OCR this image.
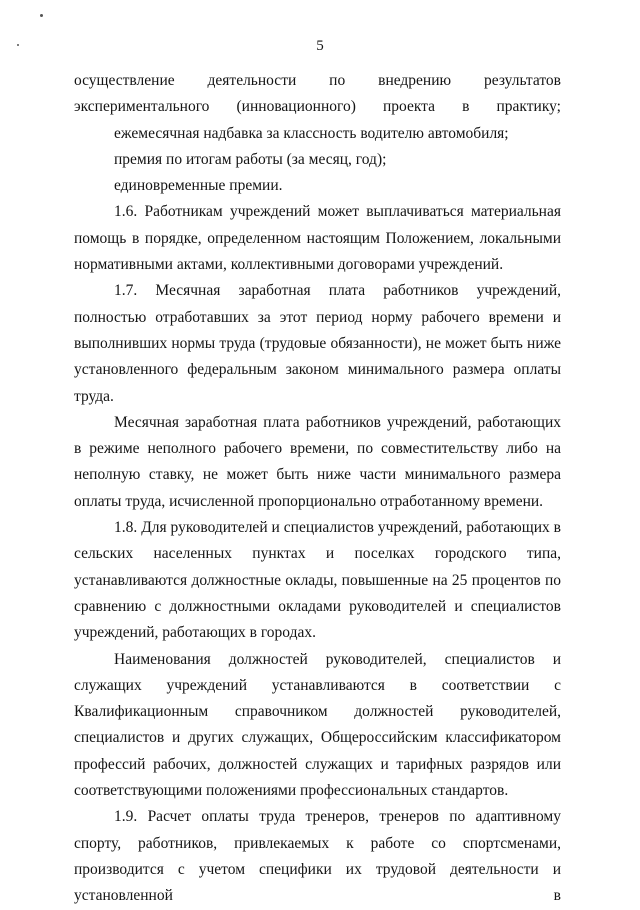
5

осуществление деятельности по внедрению результатов экспериментального (инновационного) проекта в практику;

ежемесячная надбавка за классность водителю автомобиля;

премия по итогам работы (за месяц, год);

единовременные премии.

1.6. Работникам учреждений может выплачиваться материальная помощь в порядке, определенном настоящим Положением, локальными нормативными актами, коллективными договорами учреждений.

1.7. Месячная заработная плата работников учреждений, полностью отработавших за этот период норму рабочего времени и выполнивших нормы труда (трудовые обязанности), не может быть ниже установленного федеральным законом минимального размера оплаты труда.

Месячная заработная плата работников учреждений, работающих в режиме неполного рабочего времени, по совместительству либо на неполную ставку, не может быть ниже части минимального размера оплаты труда, исчисленной пропорционально отработанному времени.

1.8. Для руководителей и специалистов учреждений, работающих в сельских населенных пунктах и поселках городского типа, устанавливаются должностные оклады, повышенные на 25 процентов по сравнению с должностными окладами руководителей и специалистов учреждений, работающих в городах.

Наименования должностей руководителей, специалистов и служащих учреждений устанавливаются в соответствии с Квалификационным справочником должностей руководителей, специалистов и других служащих, Общероссийским классификатором профессий рабочих, должностей служащих и тарифных разрядов или соответствующими положениями профессиональных стандартов.

1.9. Расчет оплаты труда тренеров, тренеров по адаптивному спорту, работников, привлекаемых к работе со спортсменами, производится с учетом специфики их трудовой деятельности и установленной в
